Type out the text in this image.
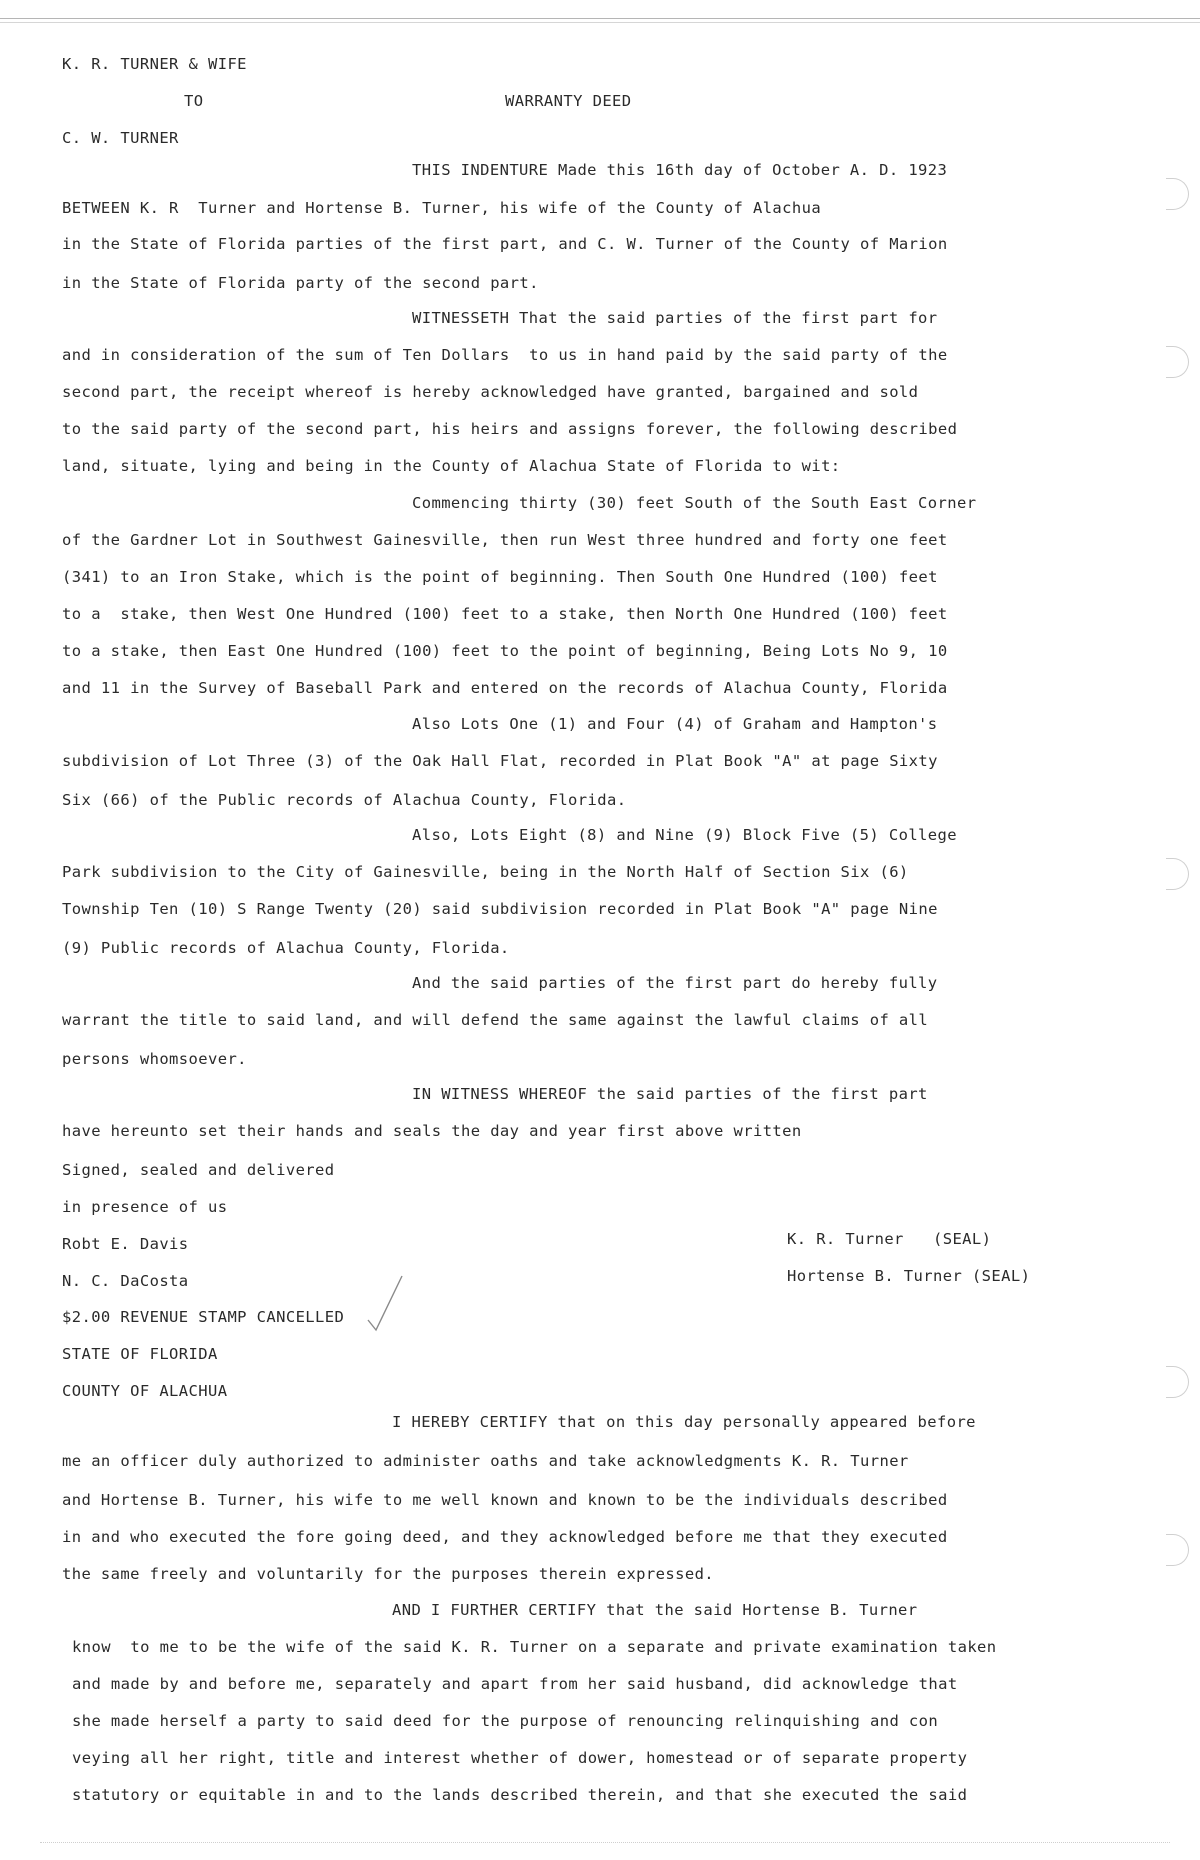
K. R. TURNER & WIFE
TO	WARRANTY DEED
C. W. TURNER
THIS INDENTURE Made this 16th day of October A. D. 1923
BETWEEN K. R  Turner and Hortense B. Turner, his wife of the County of Alachua
in the State of Florida parties of the first part, and C. W. Turner of the County of Marion
in the State of Florida party of the second part.
WITNESSETH That the said parties of the first part for
and in consideration of the sum of Ten Dollars  to us in hand paid by the said party of the
second part, the receipt whereof is hereby acknowledged have granted, bargained and sold
to the said party of the second part, his heirs and assigns forever, the following described
land, situate, lying and being in the County of Alachua State of Florida to wit:
Commencing thirty (30) feet South of the South East Corner
of the Gardner Lot in Southwest Gainesville, then run West three hundred and forty one feet
(341) to an Iron Stake, which is the point of beginning. Then South One Hundred (100) feet
to a  stake, then West One Hundred (100) feet to a stake, then North One Hundred (100) feet
to a stake, then East One Hundred (100) feet to the point of beginning, Being Lots No 9, 10
and 11 in the Survey of Baseball Park and entered on the records of Alachua County, Florida
Also Lots One (1) and Four (4) of Graham and Hampton's
subdivision of Lot Three (3) of the Oak Hall Flat, recorded in Plat Book "A" at page Sixty
Six (66) of the Public records of Alachua County, Florida.
Also, Lots Eight (8) and Nine (9) Block Five (5) College
Park subdivision to the City of Gainesville, being in the North Half of Section Six (6)
Township Ten (10) S Range Twenty (20) said subdivision recorded in Plat Book "A" page Nine
(9) Public records of Alachua County, Florida.
And the said parties of the first part do hereby fully
warrant the title to said land, and will defend the same against the lawful claims of all
persons whomsoever.
IN WITNESS WHEREOF the said parties of the first part
have hereunto set their hands and seals the day and year first above written
Signed, sealed and delivered
in presence of us
Robt E. Davis
N. C. DaCosta
$2.00 REVENUE STAMP CANCELLED
STATE OF FLORIDA
COUNTY OF ALACHUA
I HEREBY CERTIFY that on this day personally appeared before
me an officer duly authorized to administer oaths and take acknowledgments K. R. Turner
and Hortense B. Turner, his wife to me well known and known to be the individuals described
in and who executed the fore going deed, and they acknowledged before me that they executed
the same freely and voluntarily for the purposes therein expressed.
AND I FURTHER CERTIFY that the said Hortense B. Turner
know  to me to be the wife of the said K. R. Turner on a separate and private examination taken
and made by and before me, separately and apart from her said husband, did acknowledge that
she made herself a party to said deed for the purpose of renouncing relinquishing and con
veying all her right, title and interest whether of dower, homestead or of separate property
statutory or equitable in and to the lands described therein, and that she executed the said
K. R. Turner   (SEAL)
Hortense B. Turner (SEAL)
